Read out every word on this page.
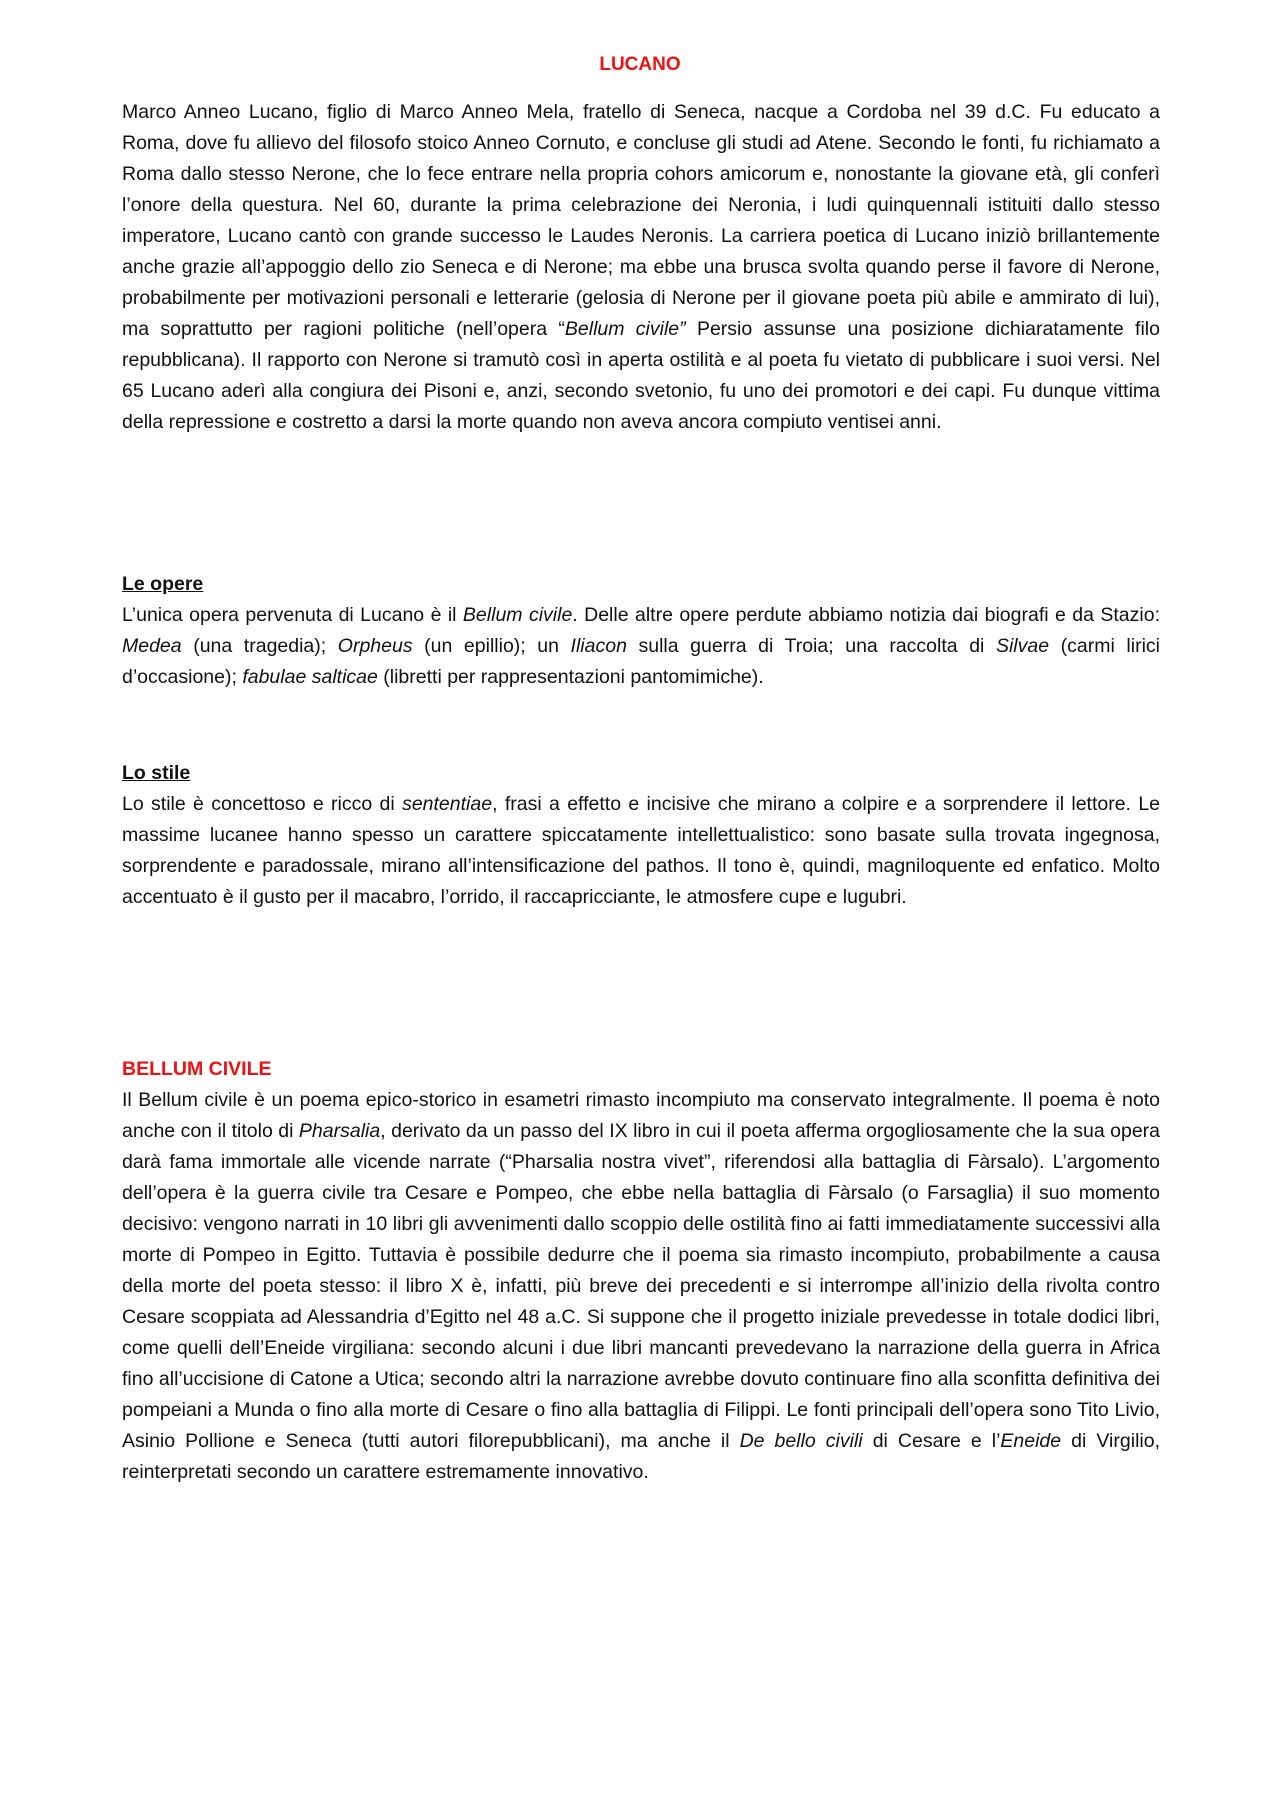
LUCANO

Marco Anneo Lucano, figlio di Marco Anneo Mela, fratello di Seneca, nacque a Cordoba nel 39 d.C. Fu educato a Roma, dove fu allievo del filosofo stoico Anneo Cornuto, e concluse gli studi ad Atene. Secondo le fonti, fu richiamato a Roma dallo stesso Nerone, che lo fece entrare nella propria cohors amicorum e, nonostante la giovane età, gli conferì l’onore della questura. Nel 60, durante la prima celebrazione dei Neronia, i ludi quinquennali istituiti dallo stesso imperatore, Lucano cantò con grande successo le Laudes Neronis. La carriera poetica di Lucano iniziò brillantemente anche grazie all’appoggio dello zio Seneca e di Nerone; ma ebbe una brusca svolta quando perse il favore di Nerone, probabilmente per motivazioni personali e letterarie (gelosia di Nerone per il giovane poeta più abile e ammirato di lui), ma soprattutto per ragioni politiche (nell’opera “Bellum civile” Persio assunse una posizione dichiaratamente filo repubblicana). Il rapporto con Nerone si tramutò così in aperta ostilità e al poeta fu vietato di pubblicare i suoi versi. Nel 65 Lucano aderì alla congiura dei Pisoni e, anzi, secondo svetonio, fu uno dei promotori e dei capi. Fu dunque vittima della repressione e costretto a darsi la morte quando non aveva ancora compiuto ventisei anni.

Le opere

L’unica opera pervenuta di Lucano è il Bellum civile. Delle altre opere perdute abbiamo notizia dai biografi e da Stazio: Medea (una tragedia); Orpheus (un epillio); un Iliacon sulla guerra di Troia; una raccolta di Silvae (carmi lirici d’occasione); fabulae salticae (libretti per rappresentazioni pantomimiche).

Lo stile

Lo stile è concettoso e ricco di sententiae, frasi a effetto e incisive che mirano a colpire e a sorprendere il lettore. Le massime lucanee hanno spesso un carattere spiccatamente intellettualistico: sono basate sulla trovata ingegnosa, sorprendente e paradossale, mirano all’intensificazione del pathos. Il tono è, quindi, magniloquente ed enfatico. Molto accentuato è il gusto per il macabro, l’orrido, il raccapricciante, le atmosfere cupe e lugubri.

BELLUM CIVILE

Il Bellum civile è un poema epico-storico in esametri rimasto incompiuto ma conservato integralmente. Il poema è noto anche con il titolo di Pharsalia, derivato da un passo del IX libro in cui il poeta afferma orgogliosamente che la sua opera darà fama immortale alle vicende narrate (“Pharsalia nostra vivet”, riferendosi alla battaglia di Fàrsalo). L’argomento dell’opera è la guerra civile tra Cesare e Pompeo, che ebbe nella battaglia di Fàrsalo (o Farsaglia) il suo momento decisivo: vengono narrati in 10 libri gli avvenimenti dallo scoppio delle ostilità fino ai fatti immediatamente successivi alla morte di Pompeo in Egitto. Tuttavia è possibile dedurre che il poema sia rimasto incompiuto, probabilmente a causa della morte del poeta stesso: il libro X è, infatti, più breve dei precedenti e si interrompe all’inizio della rivolta contro Cesare scoppiata ad Alessandria d’Egitto nel 48 a.C. Si suppone che il progetto iniziale prevedesse in totale dodici libri, come quelli dell’Eneide virgiliana: secondo alcuni i due libri mancanti prevedevano la narrazione della guerra in Africa fino all’uccisione di Catone a Utica; secondo altri la narrazione avrebbe dovuto continuare fino alla sconfitta definitiva dei pompeiani a Munda o fino alla morte di Cesare o fino alla battaglia di Filippi. Le fonti principali dell’opera sono Tito Livio, Asinio Pollione e Seneca (tutti autori filorepubblicani), ma anche il De bello civili di Cesare e l’Eneide di Virgilio, reinterpretati secondo un carattere estremamente innovativo.
